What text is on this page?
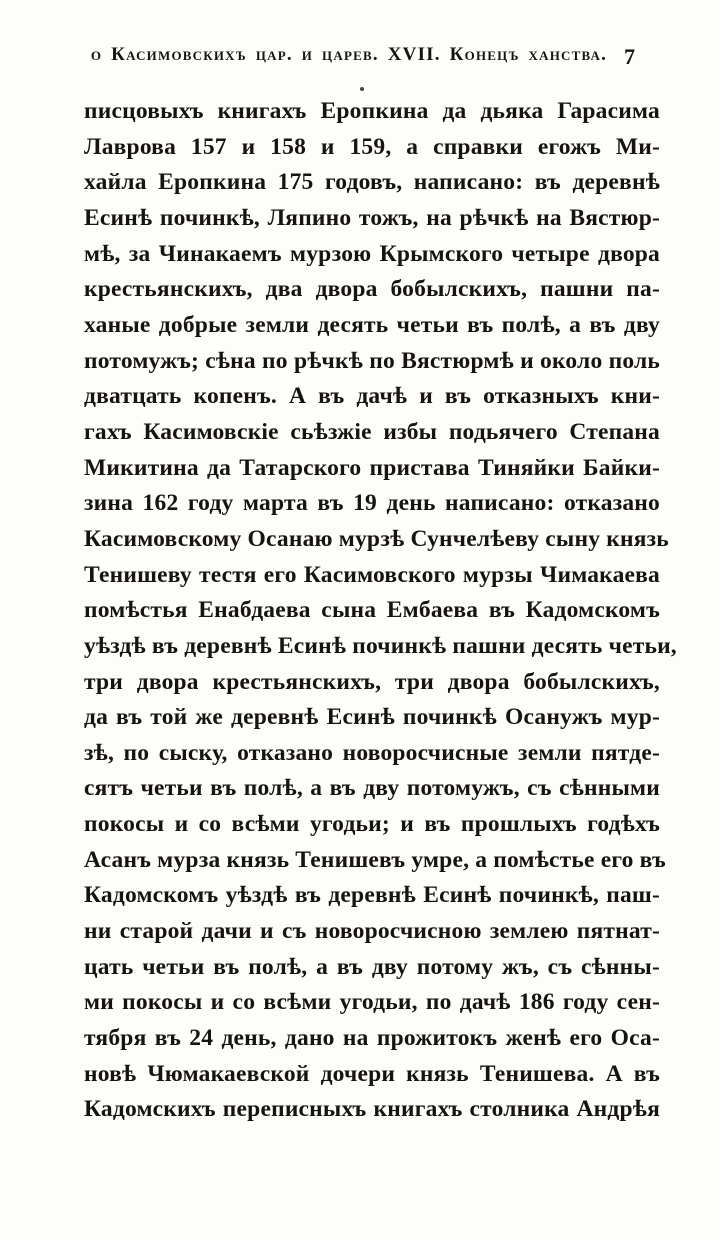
о Касимовскихъ цар. и царев. XVII. Конецъ ханства. 7
писцовыхъ книгахъ Еропкина да дьяка Гарасима
Лаврова 157 и 158 и 159, а справки егожъ Ми-
хайла Еропкина 175 годовъ, написано: въ деревнѣ
Есинѣ починкѣ, Ляпино тожъ, на рѣчкѣ на Вястюр-
мѣ, за Чинакаемъ мурзою Крымского четыре двора
крестьянскихъ, два двора бобылскихъ, пашни па-
ханые добрые земли десять четьи въ полѣ, а въ дву
потомужъ; сѣна по рѣчкѣ по Вястюрмѣ и около поль
дватцать копенъ. А въ дачѣ и въ отказныхъ кни-
гахъ Касимовскіе сьѣзжіе избы подьячего Степана
Микитина да Татарского пристава Тиняйки Байки-
зина 162 году марта въ 19 день написано: отказано
Касимовскому Осанаю мурзѣ Сунчелѣеву сыну князь
Тенишеву тестя его Касимовского мурзы Чимакаева
помѣстья Енабдаева сына Ембаева въ Кадомскомъ
уѣздѣ въ деревнѣ Есинѣ починкѣ пашни десять четьи,
три двора крестьянскихъ, три двора бобылскихъ,
да въ той же деревнѣ Есинѣ починкѣ Осанужъ мур-
зѣ, по сыску, отказано новоросчисные земли пятде-
сятъ четьи въ полѣ, а въ дву потомужъ, съ сѣнными
покосы и со всѣми угодьи; и въ прошлыхъ годѣхъ
Асанъ мурза князь Тенишевъ умре, а помѣстье его въ
Кадомскомъ уѣздѣ въ деревнѣ Есинѣ починкѣ, паш-
ни старой дачи и съ новоросчисною землею пятнат-
цать четьи въ полѣ, а въ дву потому жъ, съ сѣнны-
ми покосы и со всѣми угодьи, по дачѣ 186 году сен-
тября въ 24 день, дано на прожитокъ женѣ его Оса-
новѣ Чюмакаевской дочери князь Тенишева. А въ
Кадомскихъ переписныхъ книгахъ столника Андрѣя
